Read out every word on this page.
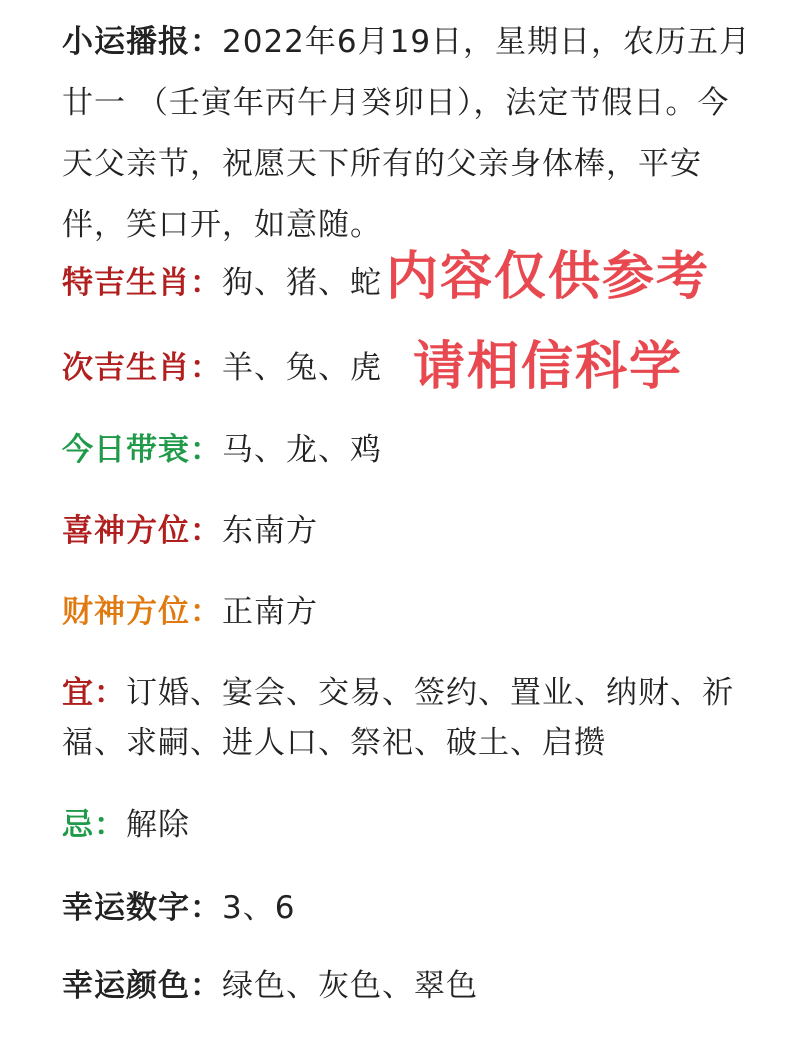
小运播报：2022年6月19日，星期日，农历五月廿一 （壬寅年丙午月癸卯日），法定节假日。今天父亲节，祝愿天下所有的父亲身体棒，平安伴，笑口开，如意随。

特吉生肖：狗、猪、蛇
次吉生肖：羊、兔、虎
今日带衰：马、龙、鸡
喜神方位：东南方
财神方位：正南方
宜：订婚、宴会、交易、签约、置业、纳财、祈福、求嗣、进人口、祭祀、破土、启攒
忌：解除
幸运数字：3、6
幸运颜色：绿色、灰色、翠色
内容仅供参考
请相信科学
